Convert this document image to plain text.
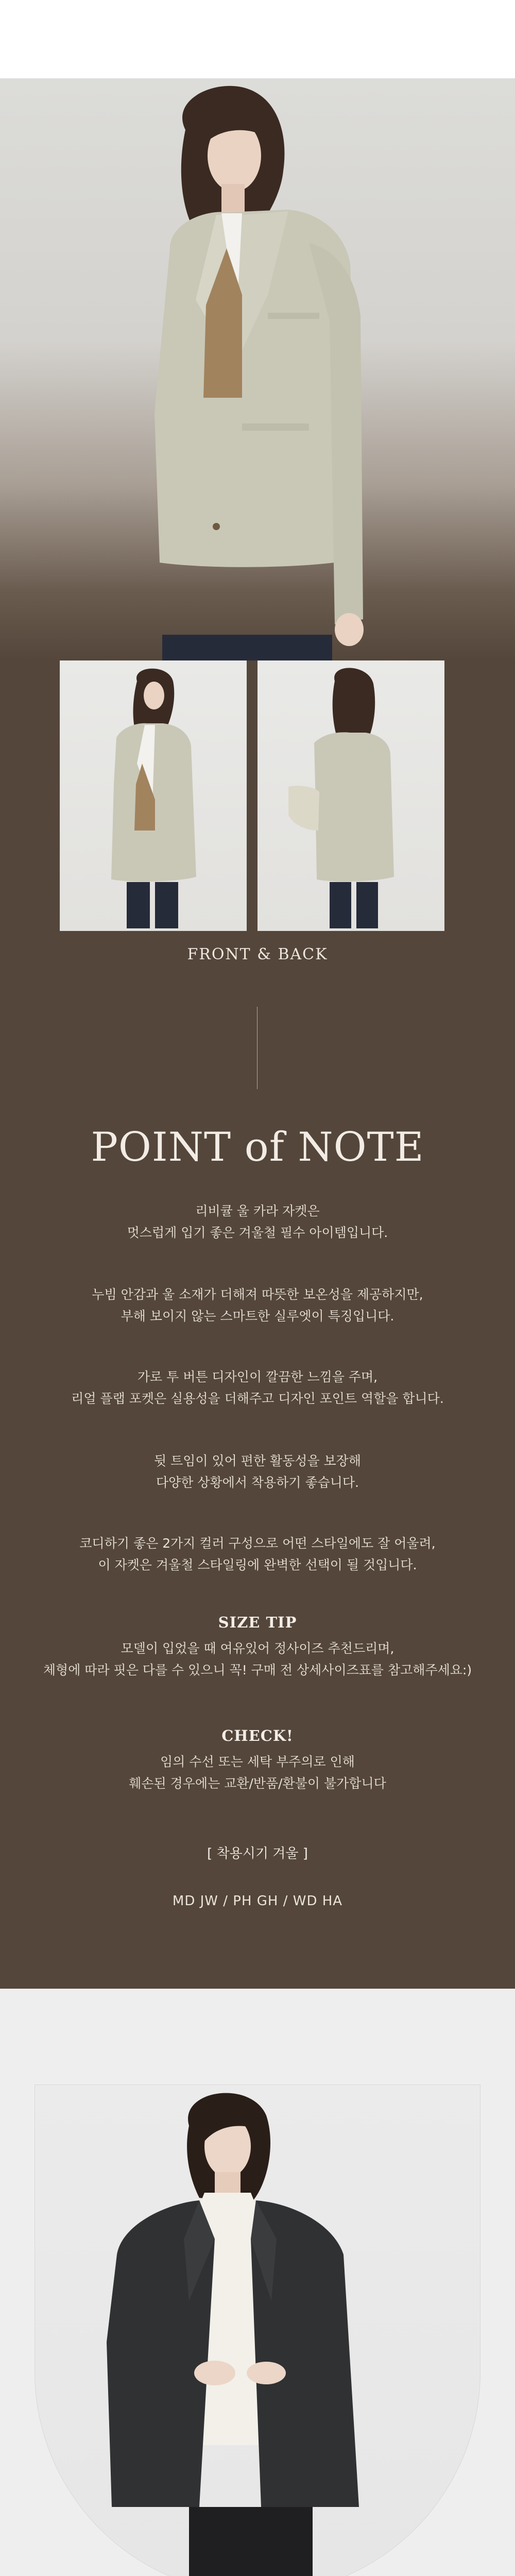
FRONT & BACK
POINT of NOTE
리비큘 울 카라 자켓은
멋스럽게 입기 좋은 겨울철 필수 아이템입니다.
누빔 안감과 울 소재가 더해져 따뜻한 보온성을 제공하지만,
부해 보이지 않는 스마트한 실루엣이 특징입니다.
가로 투 버튼 디자인이 깔끔한 느낌을 주며,
리얼 플랩 포켓은 실용성을 더해주고 디자인 포인트 역할을 합니다.
뒷 트임이 있어 편한 활동성을 보장해
다양한 상황에서 착용하기 좋습니다.
코디하기 좋은 2가지 컬러 구성으로 어떤 스타일에도 잘 어울려,
이 자켓은 겨울철 스타일링에 완벽한 선택이 될 것입니다.
SIZE TIP
모델이 입었을 때 여유있어 정사이즈 추천드리며,
체형에 따라 핏은 다를 수 있으니 꼭! 구매 전 상세사이즈표를 참고해주세요:)
CHECK!
임의 수선 또는 세탁 부주의로 인해
훼손된 경우에는 교환/반품/환불이 불가합니다
[ 착용시기 겨울 ]
MD JW / PH GH / WD HA
